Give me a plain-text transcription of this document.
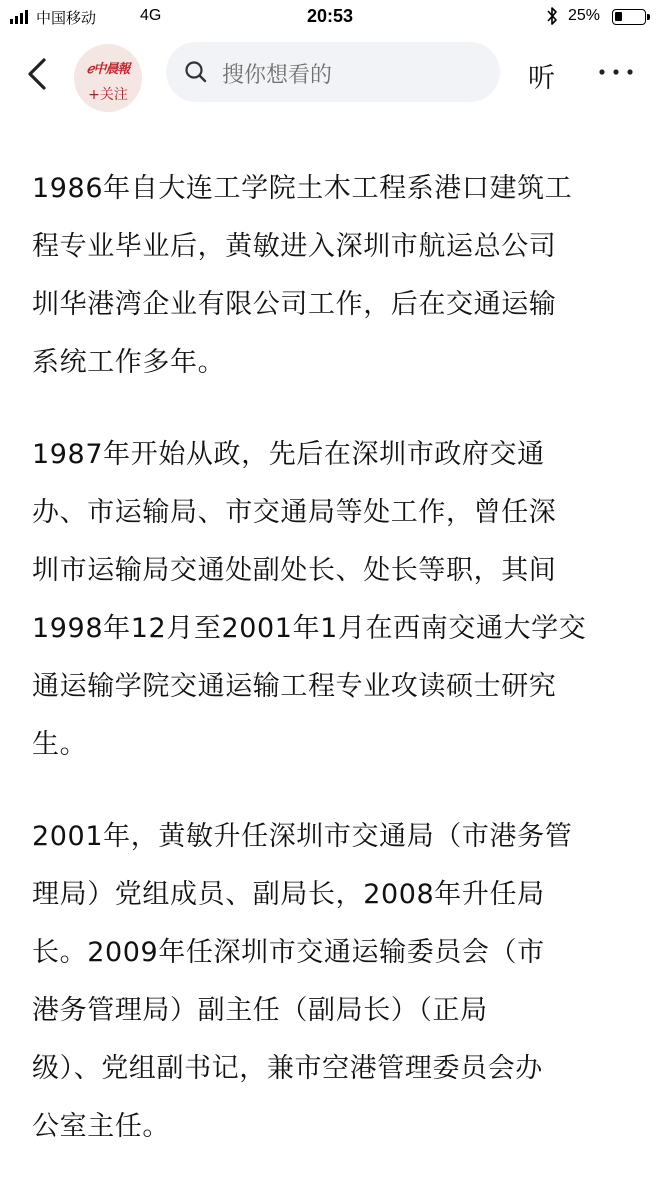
中国移动	4G	20:53	25%
𝑒中晨報
+关注
搜你想看的	听
1986年自大连工学院土木工程系港口建筑工
程专业毕业后，黄敏进入深圳市航运总公司
圳华港湾企业有限公司工作，后在交通运输
系统工作多年。
1987年开始从政，先后在深圳市政府交通
办、市运输局、市交通局等处工作，曾任深
圳市运输局交通处副处长、处长等职，其间
1998年12月至2001年1月在西南交通大学交
通运输学院交通运输工程专业攻读硕士研究
生。
2001年，黄敏升任深圳市交通局（市港务管
理局）党组成员、副局长，2008年升任局
长。2009年任深圳市交通运输委员会（市
港务管理局）副主任（副局长）（正局
级）、党组副书记，兼市空港管理委员会办
公室主任。
